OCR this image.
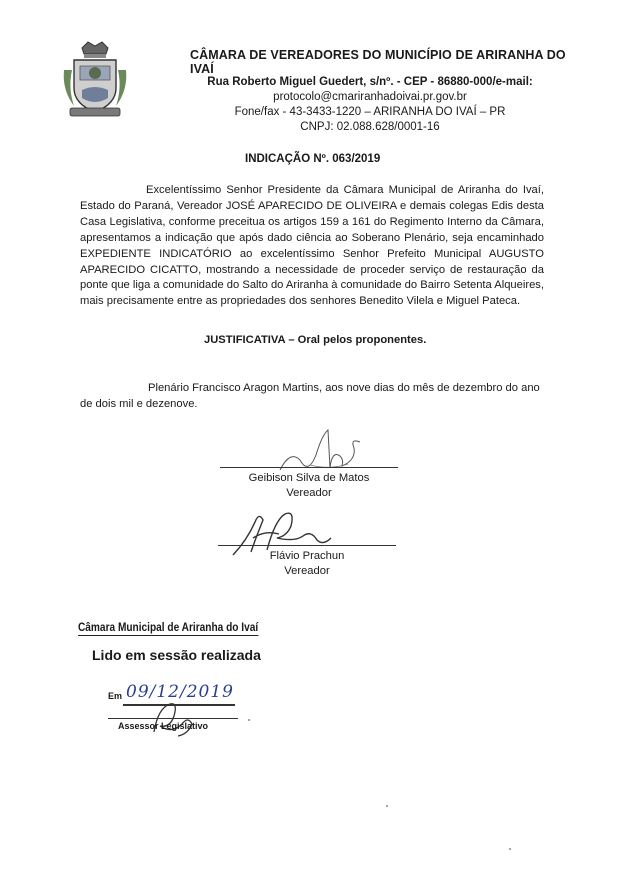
CÂMARA DE VEREADORES DO MUNICÍPIO DE ARIRANHA DO IVAÍ
Rua Roberto Miguel Guedert, s/nº. - CEP - 86880-000/e-mail:
protocolo@cmariranhadoivai.pr.gov.br
Fone/fax - 43-3433-1220 – ARIRANHA DO IVAÍ – PR
CNPJ: 02.088.628/0001-16
INDICAÇÃO Nº. 063/2019
Excelentíssimo Senhor Presidente da Câmara Municipal de Ariranha do Ivaí, Estado do Paraná, Vereador JOSÉ APARECIDO DE OLIVEIRA e demais colegas Edis desta Casa Legislativa, conforme preceitua os artigos 159 a 161 do Regimento Interno da Câmara, apresentamos a indicação que após dado ciência ao Soberano Plenário, seja encaminhado EXPEDIENTE INDICATÓRIO ao excelentíssimo Senhor Prefeito Municipal AUGUSTO APARECIDO CICATTO, mostrando a necessidade de proceder serviço de restauração da ponte que liga a comunidade do Salto do Ariranha à comunidade do Bairro Setenta Alqueires, mais precisamente entre as propriedades dos senhores Benedito Vilela e Miguel Pateca.
JUSTIFICATIVA – Oral pelos proponentes.
Plenário Francisco Aragon Martins, aos nove dias do mês de dezembro do ano de dois mil e dezenove.
Geibison Silva de Matos
Vereador
Flávio Prachun
Vereador
Câmara Municipal de Ariranha do Ivaí
Lido em sessão realizada
Em 09/12/2019
Assessor Legislativo
